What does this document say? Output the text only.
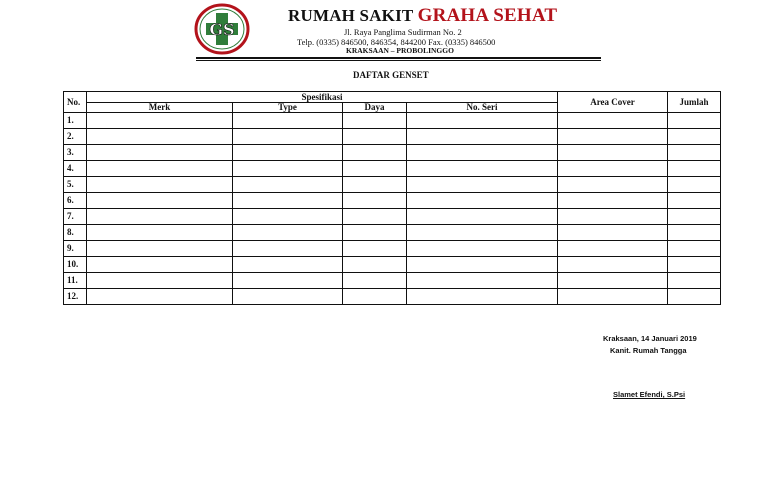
GS
RUMAH SAKIT GRAHA SEHAT
Jl. Raya Panglima Sudirman No. 2
Telp. (0335) 846500, 846354, 844200 Fax. (0335) 846500
KRAKSAAN – PROBOLINGGO
DAFTAR GENSET
No.	Spesifikasi				Area Cover	Jumlah
	Merk	Type	Daya	No. Seri		
1.						
2.						
3.						
4.						
5.						
6.						
7.						
8.						
9.						
10.						
11.						
12.						
Kraksaan, 14 Januari 2019
Kanit. Rumah Tangga
Slamet Efendi, S.Psi
